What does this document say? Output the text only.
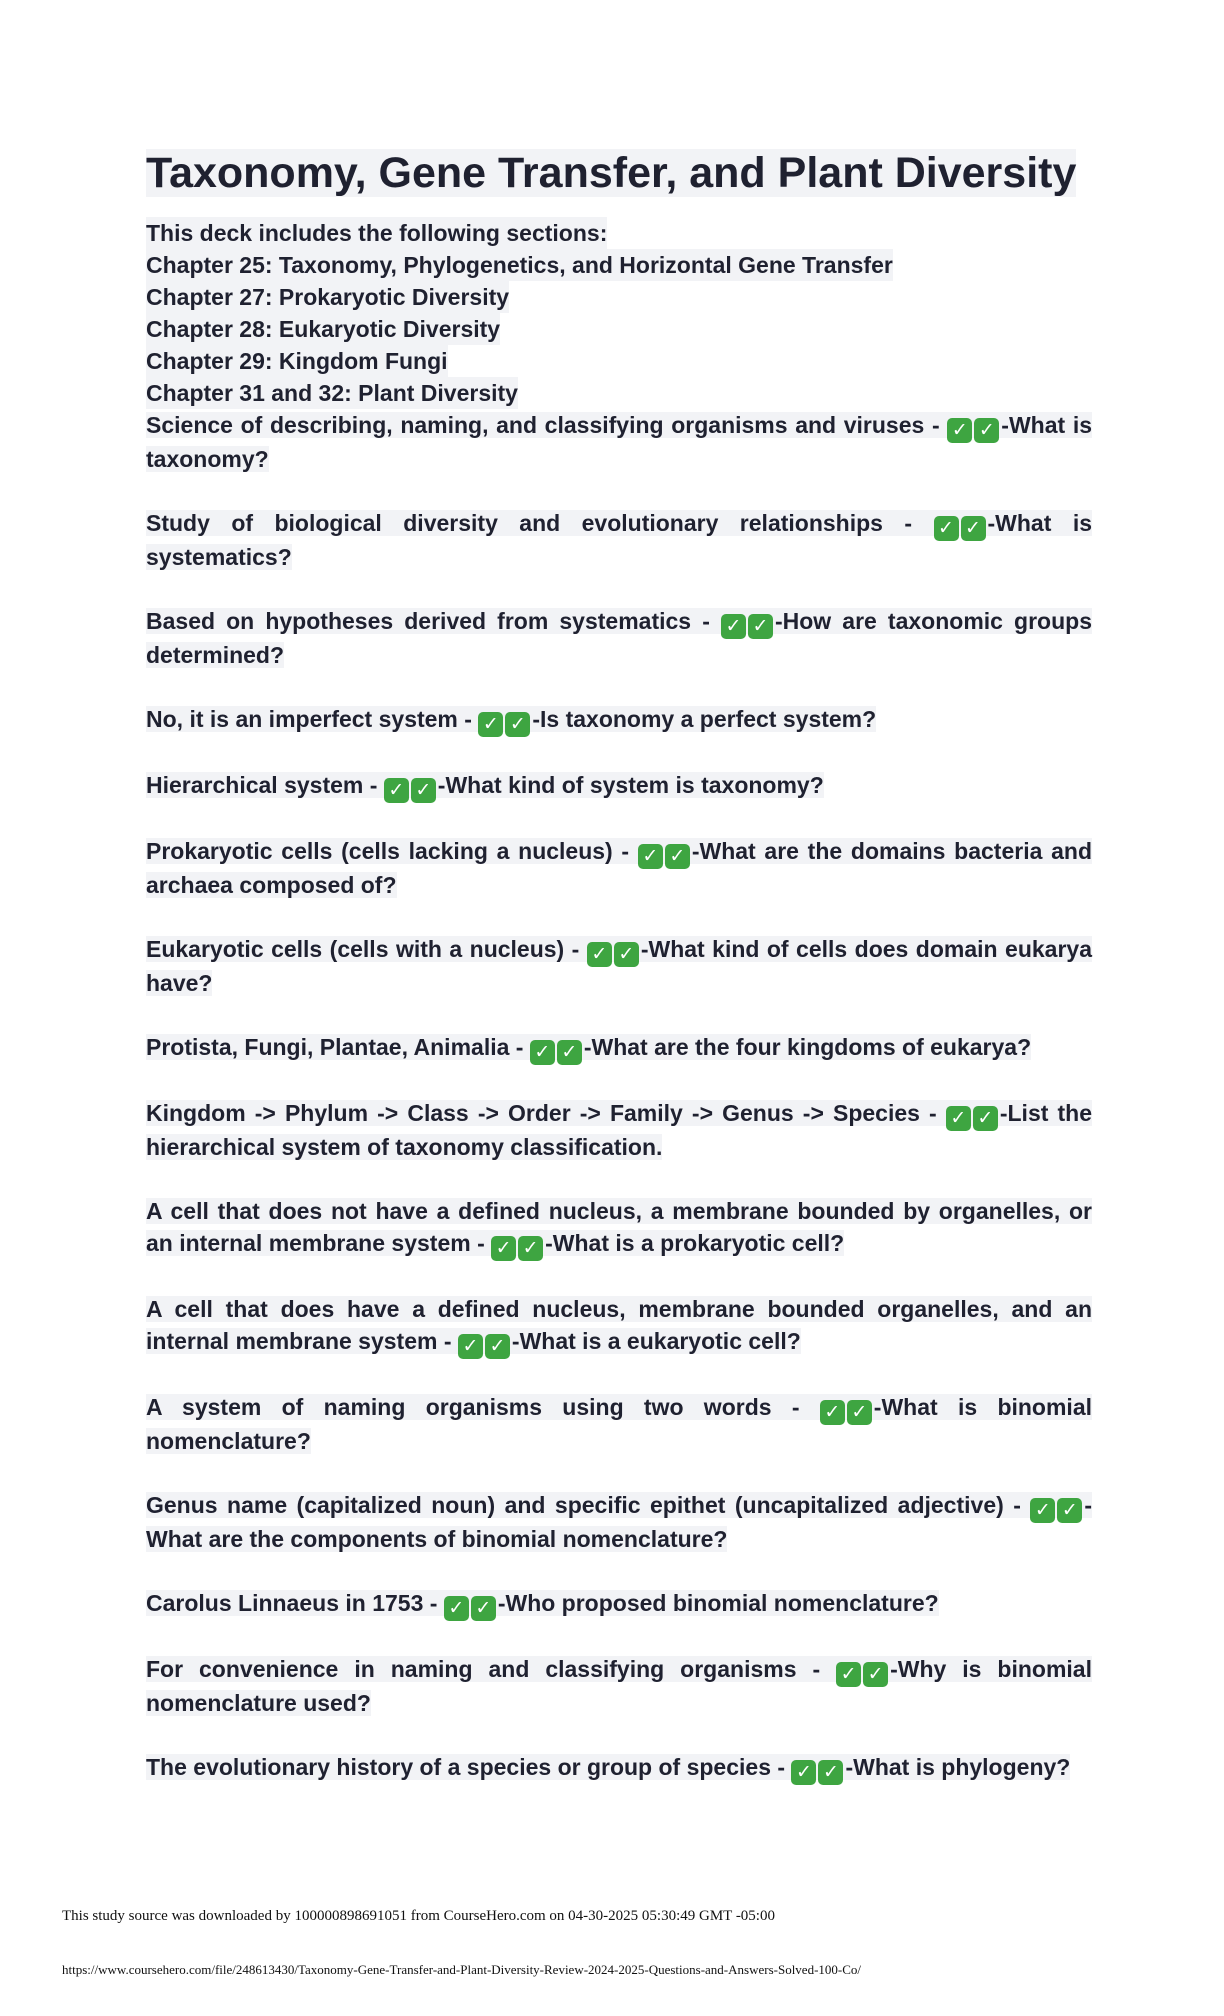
Taxonomy, Gene Transfer, and Plant Diversity
This deck includes the following sections:
Chapter 25: Taxonomy, Phylogenetics, and Horizontal Gene Transfer
Chapter 27: Prokaryotic Diversity
Chapter 28: Eukaryotic Diversity
Chapter 29: Kingdom Fungi
Chapter 31 and 32: Plant Diversity

Science of describing, naming, and classifying organisms and viruses - ✓ ✓ -What is taxonomy?

Study of biological diversity and evolutionary relationships - ✓ ✓ -What is systematics?

Based on hypotheses derived from systematics - ✓ ✓ -How are taxonomic groups determined?

No, it is an imperfect system - ✓ ✓ -Is taxonomy a perfect system?

Hierarchical system - ✓ ✓ -What kind of system is taxonomy?

Prokaryotic cells (cells lacking a nucleus) - ✓ ✓ -What are the domains bacteria and archaea composed of?

Eukaryotic cells (cells with a nucleus) - ✓ ✓ -What kind of cells does domain eukarya have?

Protista, Fungi, Plantae, Animalia - ✓ ✓ -What are the four kingdoms of eukarya?

Kingdom -> Phylum -> Class -> Order -> Family -> Genus -> Species - ✓ ✓ -List the hierarchical system of taxonomy classification.

A cell that does not have a defined nucleus, a membrane bounded by organelles, or an internal membrane system - ✓ ✓ -What is a prokaryotic cell?

A cell that does have a defined nucleus, membrane bounded organelles, and an internal membrane system - ✓ ✓ -What is a eukaryotic cell?

A system of naming organisms using two words - ✓ ✓ -What is binomial nomenclature?

Genus name (capitalized noun) and specific epithet (uncapitalized adjective) - ✓ ✓ -What are the components of binomial nomenclature?

Carolus Linnaeus in 1753 - ✓ ✓ -Who proposed binomial nomenclature?

For convenience in naming and classifying organisms - ✓ ✓ -Why is binomial nomenclature used?

The evolutionary history of a species or group of species - ✓ ✓ -What is phylogeny?

This study source was downloaded by 100000898691051 from CourseHero.com on 04-30-2025 05:30:49 GMT -05:00
https://www.coursehero.com/file/248613430/Taxonomy-Gene-Transfer-and-Plant-Diversity-Review-2024-2025-Questions-and-Answers-Solved-100-Co/
